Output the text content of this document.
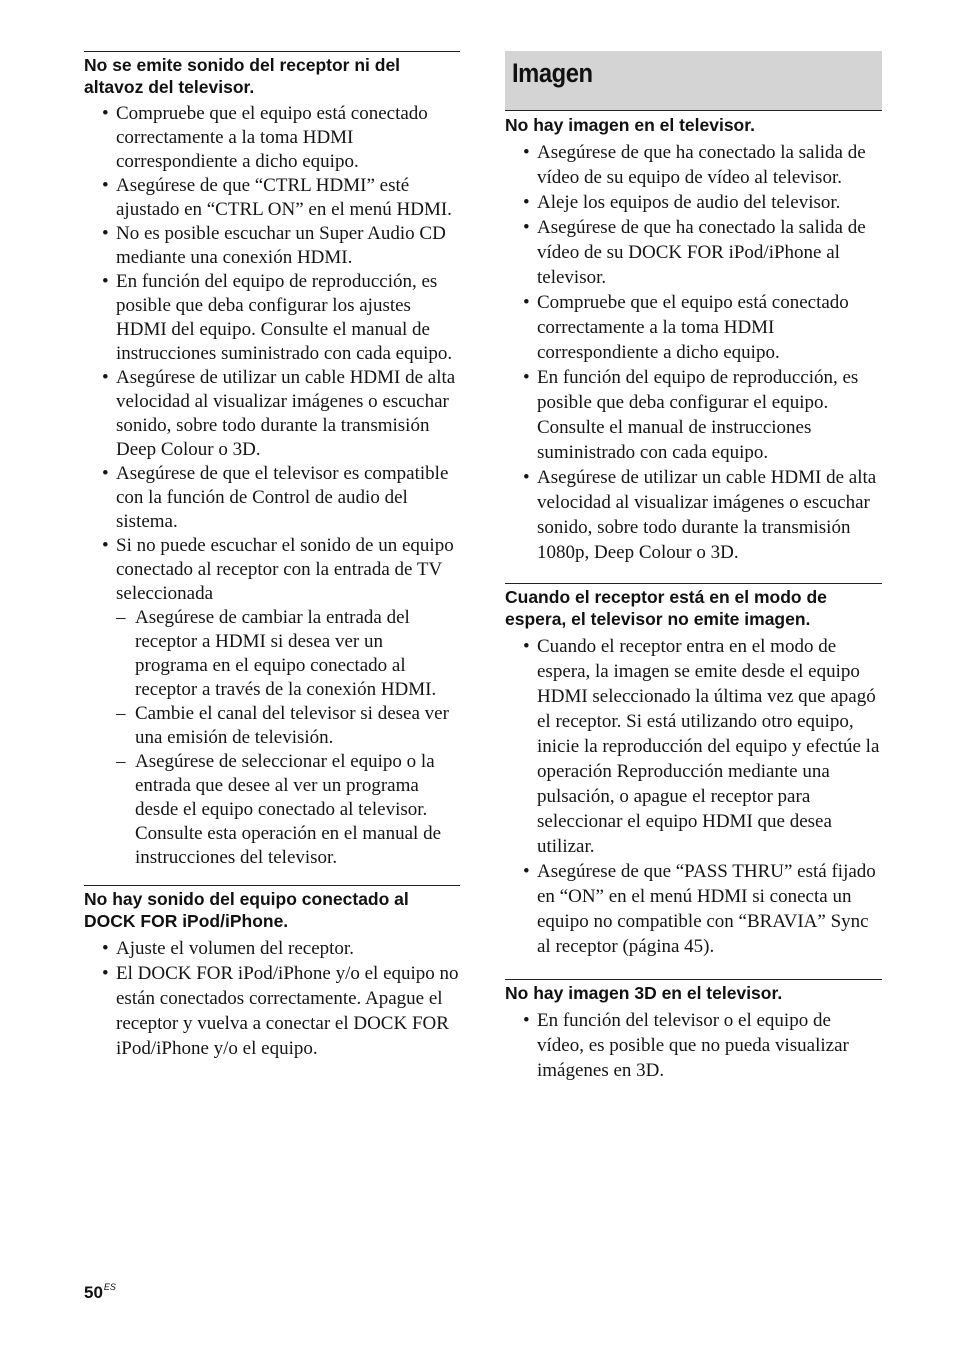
No se emite sonido del receptor ni del altavoz del televisor.
• Compruebe que el equipo está conectado correctamente a la toma HDMI correspondiente a dicho equipo.
• Asegúrese de que “CTRL HDMI” esté ajustado en “CTRL ON” en el menú HDMI.
• No es posible escuchar un Super Audio CD mediante una conexión HDMI.
• En función del equipo de reproducción, es posible que deba configurar los ajustes HDMI del equipo. Consulte el manual de instrucciones suministrado con cada equipo.
• Asegúrese de utilizar un cable HDMI de alta velocidad al visualizar imágenes o escuchar sonido, sobre todo durante la transmisión Deep Colour o 3D.
• Asegúrese de que el televisor es compatible con la función de Control de audio del sistema.
• Si no puede escuchar el sonido de un equipo conectado al receptor con la entrada de TV seleccionada
– Asegúrese de cambiar la entrada del receptor a HDMI si desea ver un programa en el equipo conectado al receptor a través de la conexión HDMI.
– Cambie el canal del televisor si desea ver una emisión de televisión.
– Asegúrese de seleccionar el equipo o la entrada que desee al ver un programa desde el equipo conectado al televisor. Consulte esta operación en el manual de instrucciones del televisor.
No hay sonido del equipo conectado al DOCK FOR iPod/iPhone.
• Ajuste el volumen del receptor.
• El DOCK FOR iPod/iPhone y/o el equipo no están conectados correctamente. Apague el receptor y vuelva a conectar el DOCK FOR iPod/iPhone y/o el equipo.
Imagen
No hay imagen en el televisor.
• Asegúrese de que ha conectado la salida de vídeo de su equipo de vídeo al televisor.
• Aleje los equipos de audio del televisor.
• Asegúrese de que ha conectado la salida de vídeo de su DOCK FOR iPod/iPhone al televisor.
• Compruebe que el equipo está conectado correctamente a la toma HDMI correspondiente a dicho equipo.
• En función del equipo de reproducción, es posible que deba configurar el equipo. Consulte el manual de instrucciones suministrado con cada equipo.
• Asegúrese de utilizar un cable HDMI de alta velocidad al visualizar imágenes o escuchar sonido, sobre todo durante la transmisión 1080p, Deep Colour o 3D.
Cuando el receptor está en el modo de espera, el televisor no emite imagen.
• Cuando el receptor entra en el modo de espera, la imagen se emite desde el equipo HDMI seleccionado la última vez que apagó el receptor. Si está utilizando otro equipo, inicie la reproducción del equipo y efectúe la operación Reproducción mediante una pulsación, o apague el receptor para seleccionar el equipo HDMI que desea utilizar.
• Asegúrese de que “PASS THRU” está fijado en “ON” en el menú HDMI si conecta un equipo no compatible con “BRAVIA” Sync al receptor (página 45).
No hay imagen 3D en el televisor.
• En función del televisor o el equipo de vídeo, es posible que no pueda visualizar imágenes en 3D.
$50^{ES}$
